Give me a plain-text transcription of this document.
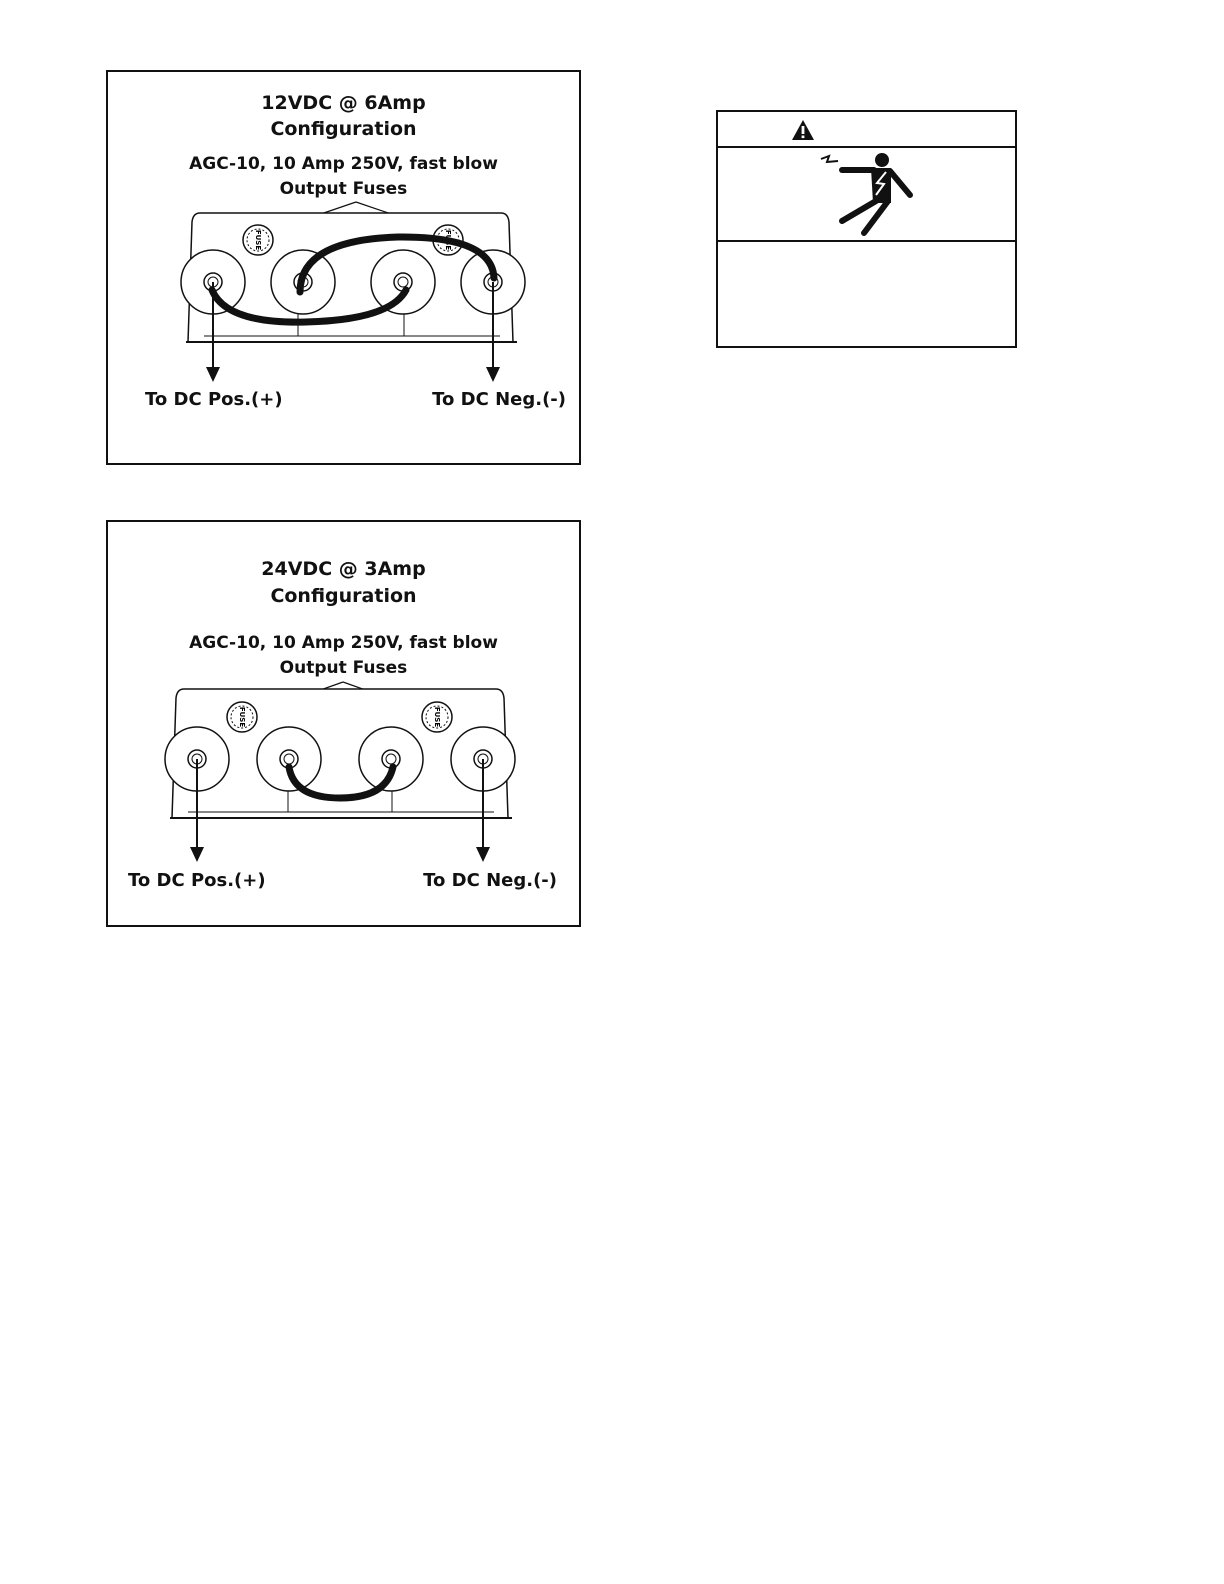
12VDC @ 6Amp
Configuration
AGC-10, 10 Amp 250V, fast blow
Output Fuses
FUSE	FUSE
To DC Pos.(+)	To DC Neg.(-)
24VDC @ 3Amp
Configuration
AGC-10, 10 Amp 250V, fast blow
Output Fuses
FUSE	FUSE
To DC Pos.(+)	To DC Neg.(-)
